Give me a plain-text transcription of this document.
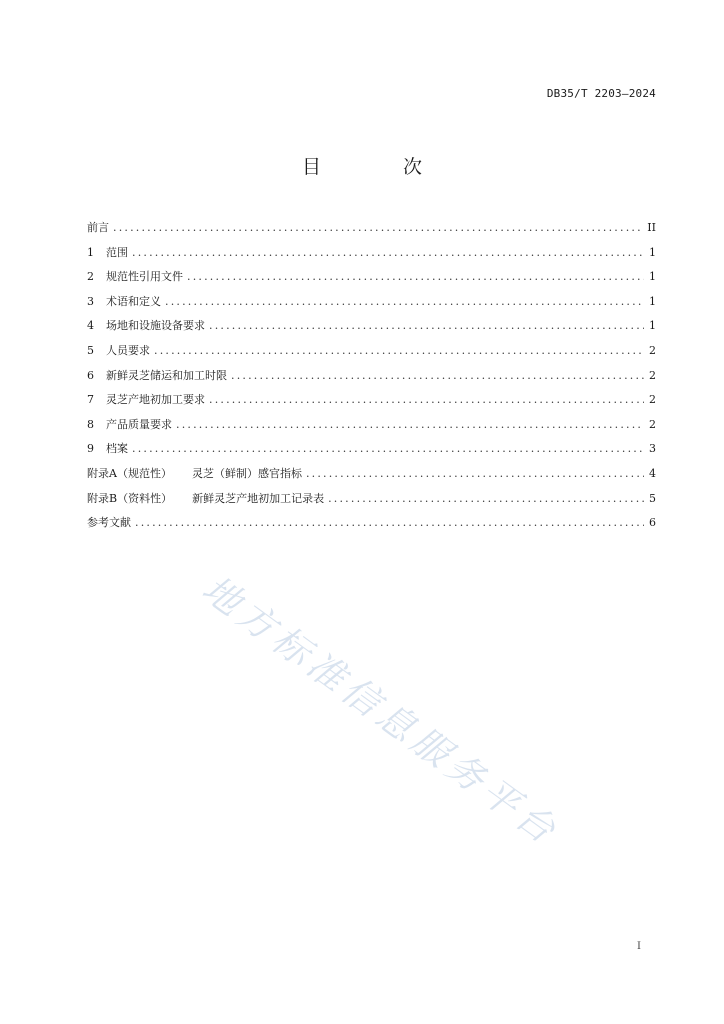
DB35/T 2203—2024
目 次
前言 .....	II
1	范围 .....	1
2	规范性引用文件 .....	1
3	术语和定义 .....	1
4	场地和设施设备要求 .....	1
5	人员要求 .....	2
6	新鲜灵芝储运和加工时限 .....	2
7	灵芝产地初加工要求 .....	2
8	产品质量要求 .....	2
9	档案 .....	3
附录A（规范性） 灵芝（鲜制）感官指标 .....	4
附录B（资料性） 新鲜灵芝产地初加工记录表 .....	5
参考文献 .....	6
地方标准信息服务平台
I
